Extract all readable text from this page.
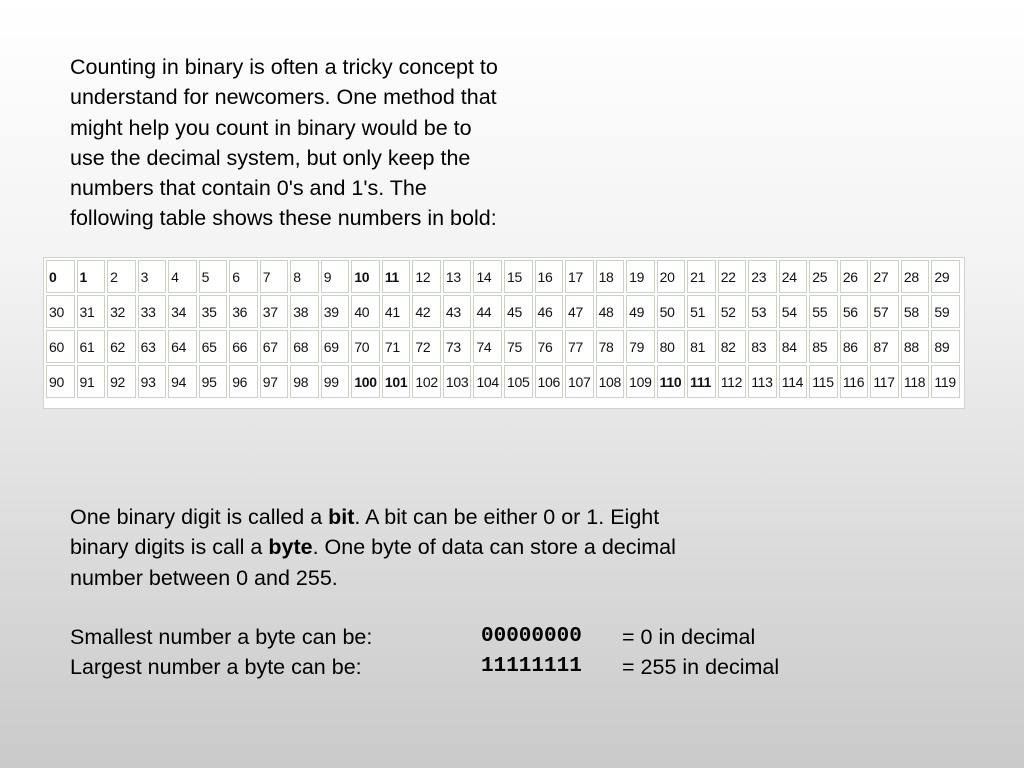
Counting in binary is often a tricky concept to
understand for newcomers. One method that
might help you count in binary would be to
use the decimal system, but only keep the
numbers that contain 0's and 1's. The
following table shows these numbers in bold:

0	1	2	3	4	5	6	7	8	9	10	11	12	13	14	15	16	17	18	19	20	21	22	23	24	25	26	27	28	29
30	31	32	33	34	35	36	37	38	39	40	41	42	43	44	45	46	47	48	49	50	51	52	53	54	55	56	57	58	59
60	61	62	63	64	65	66	67	68	69	70	71	72	73	74	75	76	77	78	79	80	81	82	83	84	85	86	87	88	89
90	91	92	93	94	95	96	97	98	99	100	101	102	103	104	105	106	107	108	109	110	111	112	113	114	115	116	117	118	119
One binary digit is called a bit. A bit can be either 0 or 1. Eight
binary digits is call a byte. One byte of data can store a decimal
number between 0 and 255.
Smallest number a byte can be:	00000000 = 0 in decimal
Largest number a byte can be:	11111111 = 255 in decimal
